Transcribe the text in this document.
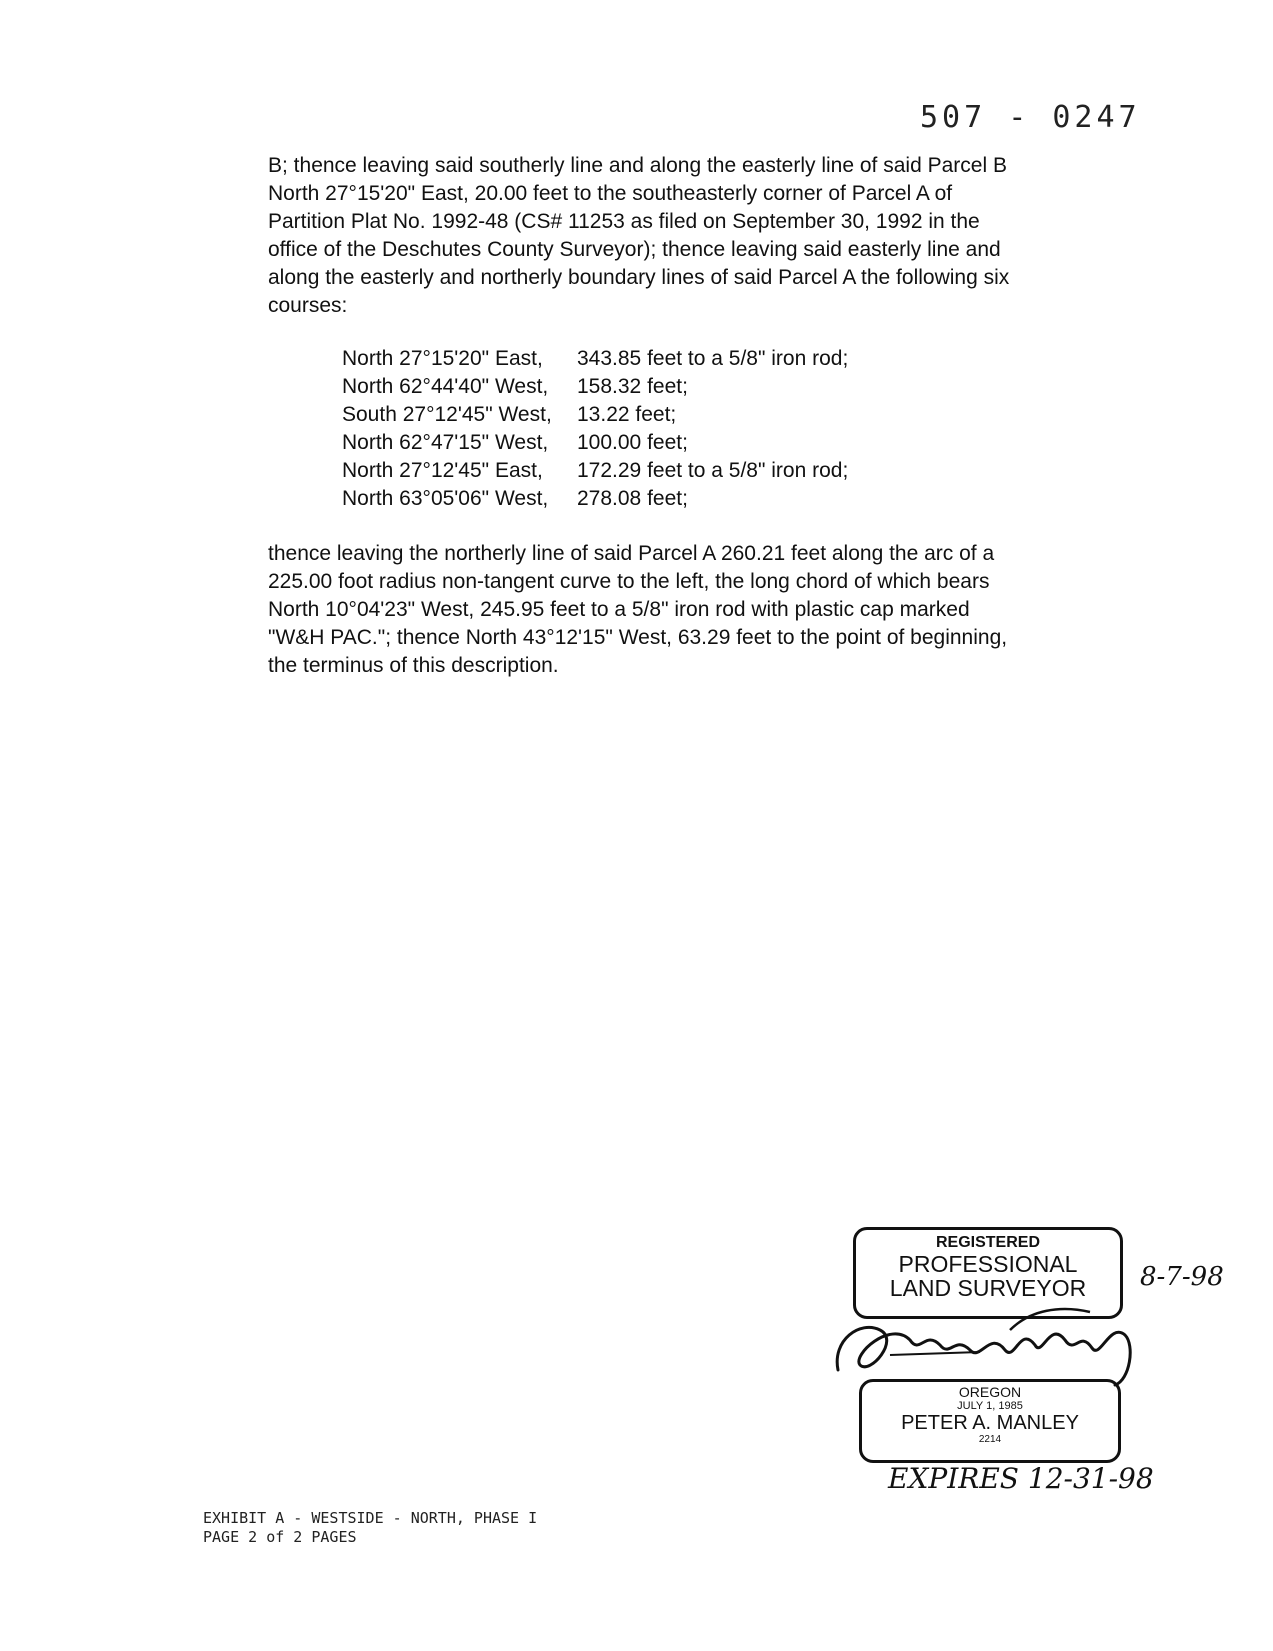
507 - 0247

B; thence leaving said southerly line and along the easterly line of said Parcel B North 27°15'20" East, 20.00 feet to the southeasterly corner of Parcel A of Partition Plat No. 1992-48 (CS# 11253 as filed on September 30, 1992 in the office of the Deschutes County Surveyor); thence leaving said easterly line and along the easterly and northerly boundary lines of said Parcel A the following six courses:

North 27°15'20" East,	343.85 feet to a 5/8" iron rod;
North 62°44'40" West,	158.32 feet;
South 27°12'45" West,	13.22 feet;
North 62°47'15" West,	100.00 feet;
North 27°12'45" East,	172.29 feet to a 5/8" iron rod;
North 63°05'06" West,	278.08 feet;

thence leaving the northerly line of said Parcel A 260.21 feet along the arc of a 225.00 foot radius non-tangent curve to the left, the long chord of which bears North 10°04'23" West, 245.95 feet to a 5/8" iron rod with plastic cap marked "W&H PAC."; thence North 43°12'15" West, 63.29 feet to the point of beginning, the terminus of this description.

REGISTERED
PROFESSIONAL
LAND SURVEYOR
OREGON
JULY 1, 1985
PETER A. MANLEY
2214
8-7-98
EXPIRES 12-31-98
EXHIBIT A - WESTSIDE - NORTH, PHASE I
PAGE 2 of 2 PAGES
